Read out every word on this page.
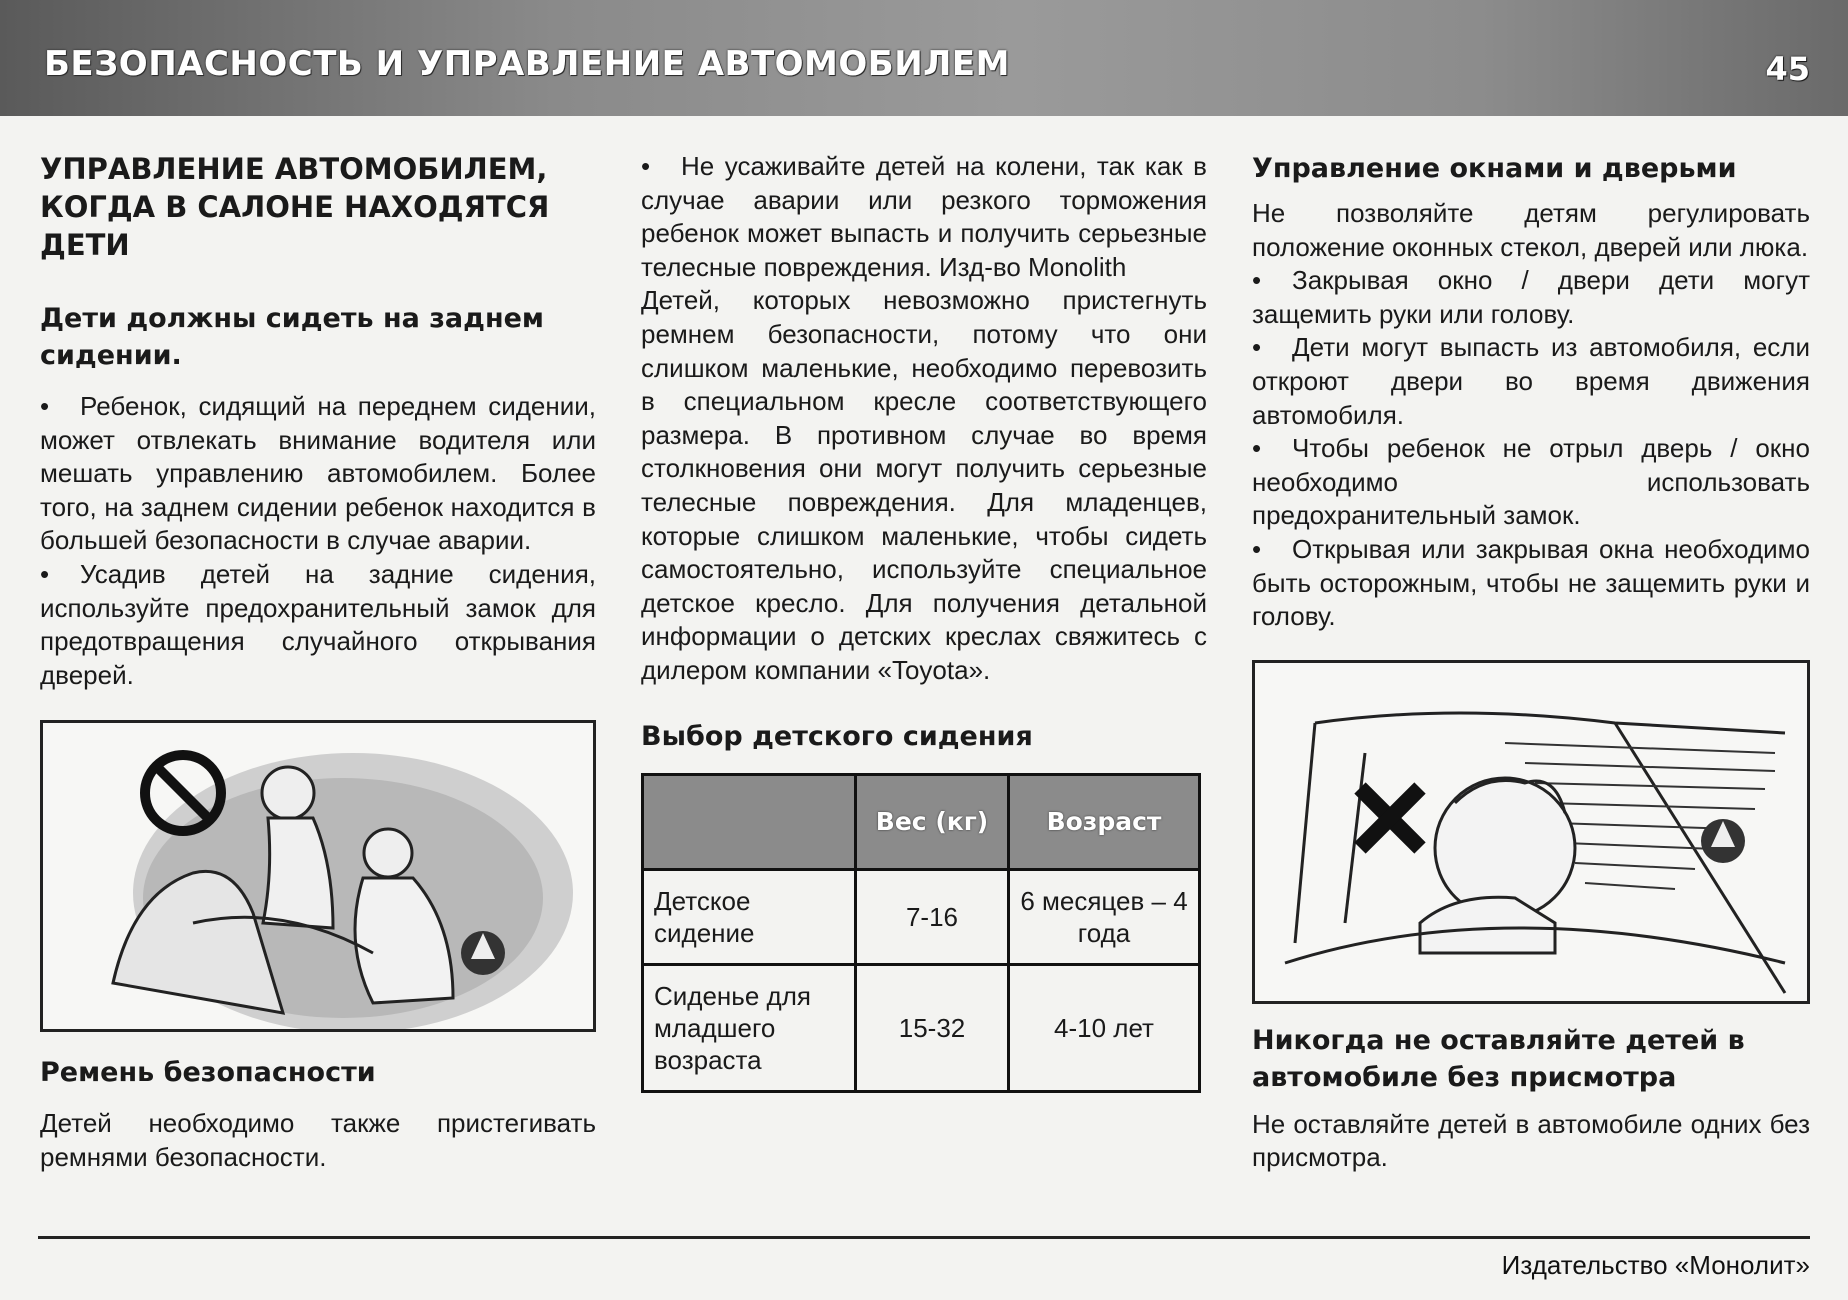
БЕЗОПАСНОСТЬ И УПРАВЛЕНИЕ АВТОМОБИЛЕМ	45
УПРАВЛЕНИЕ АВТОМОБИЛЕМ, КОГДА В САЛОНЕ НАХОДЯТСЯ ДЕТИ
Дети должны сидеть на заднем сидении.

• Ребенок, сидящий на переднем сидении, может отвлекать внимание водителя или мешать управлению автомобилем. Более того, на заднем сидении ребенок находится в большей безопасности в случае аварии.

• Усадив детей на задние сидения, используйте предохранительный замок для предотвращения случайного открывания дверей.

Ремень безопасности

Детей необходимо также пристегивать ремнями безопасности.

• Не усаживайте детей на колени, так как в случае аварии или резкого торможения ребенок может выпасть и получить серьезные телесные повреждения. Изд-во Monolith

Детей, которых невозможно пристегнуть ремнем безопасности, потому что они слишком маленькие, необходимо перевозить в специальном кресле соответствующего размера. В противном случае во время столкновения они могут получить серьезные телесные повреждения. Для младенцев, которые слишком маленькие, чтобы сидеть самостоятельно, используйте специальное детское кресло. Для получения детальной информации о детских креслах свяжитесь с дилером компании «Toyota».

Выбор детского сидения
	Вес (кг)	Возраст
Детское сидение	7-16	6 месяцев – 4 года
Сиденье для младшего возраста	15-32	4-10 лет
Управление окнами и дверьми

Не позволяйте детям регулировать положение оконных стекол, дверей или люка.

• Закрывая окно / двери дети могут защемить руки или голову.

• Дети могут выпасть из автомобиля, если откроют двери во время движения автомобиля.

• Чтобы ребенок не отрыл дверь / окно необходимо использовать предохранительный замок.

• Открывая или закрывая окна необходимо быть осторожным, чтобы не защемить руки и голову.

Никогда не оставляйте детей в автомобиле без присмотра

Не оставляйте детей в автомобиле одних без присмотра.

Издательство «Монолит»
